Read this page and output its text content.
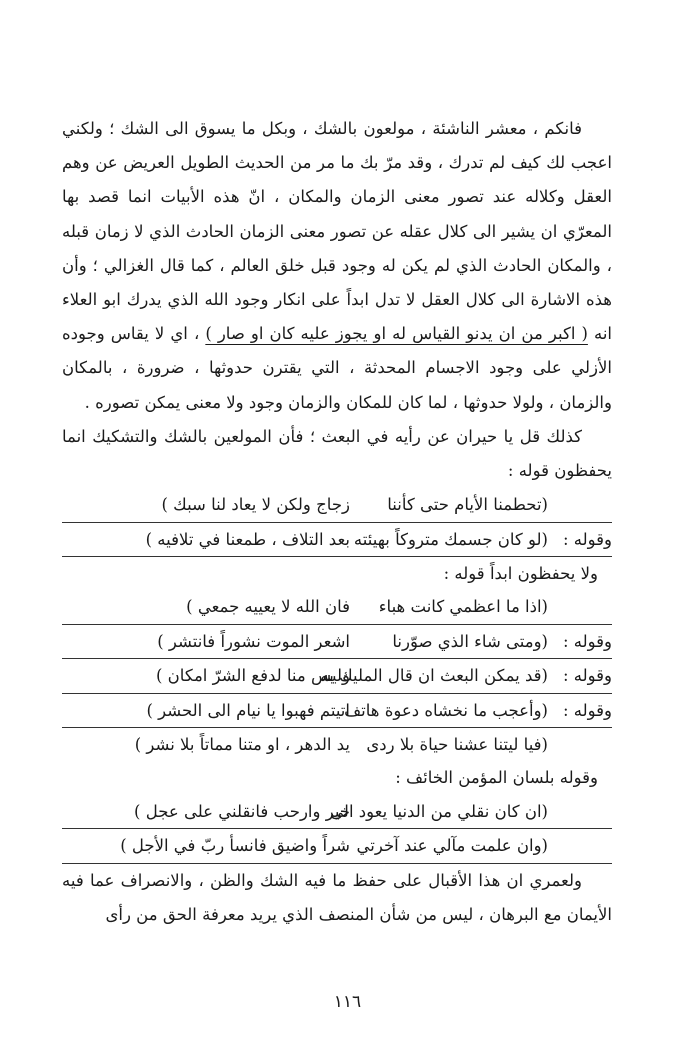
فانكم ، معشر الناشئة ، مولعون بالشك ، وبكل ما يسوق الى الشك ؛ ولكني اعجب لك كيف لم تدرك ، وقد مرّ بك ما مر من الحديث الطويل العريض عن وهم العقل وكلاله عند تصور معنى الزمان والمكان ، انّ هذه الأبيات انما قصد بها المعرّي ان يشير الى كلال عقله عن تصور معنى الزمان الحادث الذي لا زمان قبله ، والمكان الحادث الذي لم يكن له وجود قبل خلق العالم ، كما قال الغزالي ؛ وأن هذه الاشارة الى كلال العقل لا تدل ابداً على انكار وجود الله الذي يدرك ابو العلاء انه ( اكبر من ان يدنو القياس له او يجوز عليه كان او صار ) ، اي لا يقاس وجوده الأزلي على وجود الاجسام المحدثة ، التي يقترن حدوثها ، ضرورة ، بالمكان والزمان ، ولولا حدوثها ، لما كان للمكان والزمان وجود ولا معنى يمكن تصوره .

كذلك قل يا حيران عن رأيه في البعث ؛ فأن المولعين بالشك والتشكيك انما يحفظون قوله :

(تحطمنا الأيام حتى كأننا
زجاج ولكن لا يعاد لنا سبك )
وقوله :
(لو كان جسمك متروكاً بهيئته
بعد التلاف ، طمعنا في تلافيه )
ولا يحفظون ابداً قوله :
(اذا ما اعظمي كانت هباء
فان الله لا يعييه جمعي )
وقوله :
(ومتى شاء الذي صوّرنا
اشعر الموت نشوراً فانتشر )
وقوله :
(قد يمكن البعث ان قال المليك به
وليس منا لدفع الشرّ امكان )
وقوله :
(وأعجب ما نخشاه دعوة هاتف
اتيتم فهبوا يا نيام الى الحشر )
(فيا ليتنا عشنا حياة بلا ردى
يد الدهر ، او متنا مماتاً بلا نشر )
وقوله بلسان المؤمن الخائف :
(ان كان نقلي من الدنيا يعود الى
خير وارحب فانقلني على عجل )
(وان علمت مآلي عند آخرتي
شراً واضيق فانسأ ربّ في الأجل )

ولعمري ان هذا الأقبال على حفظ ما فيه الشك والظن ، والانصراف عما فيه الأيمان مع البرهان ، ليس من شأن المنصف الذي يريد معرفة الحق من رأى

١١٦
